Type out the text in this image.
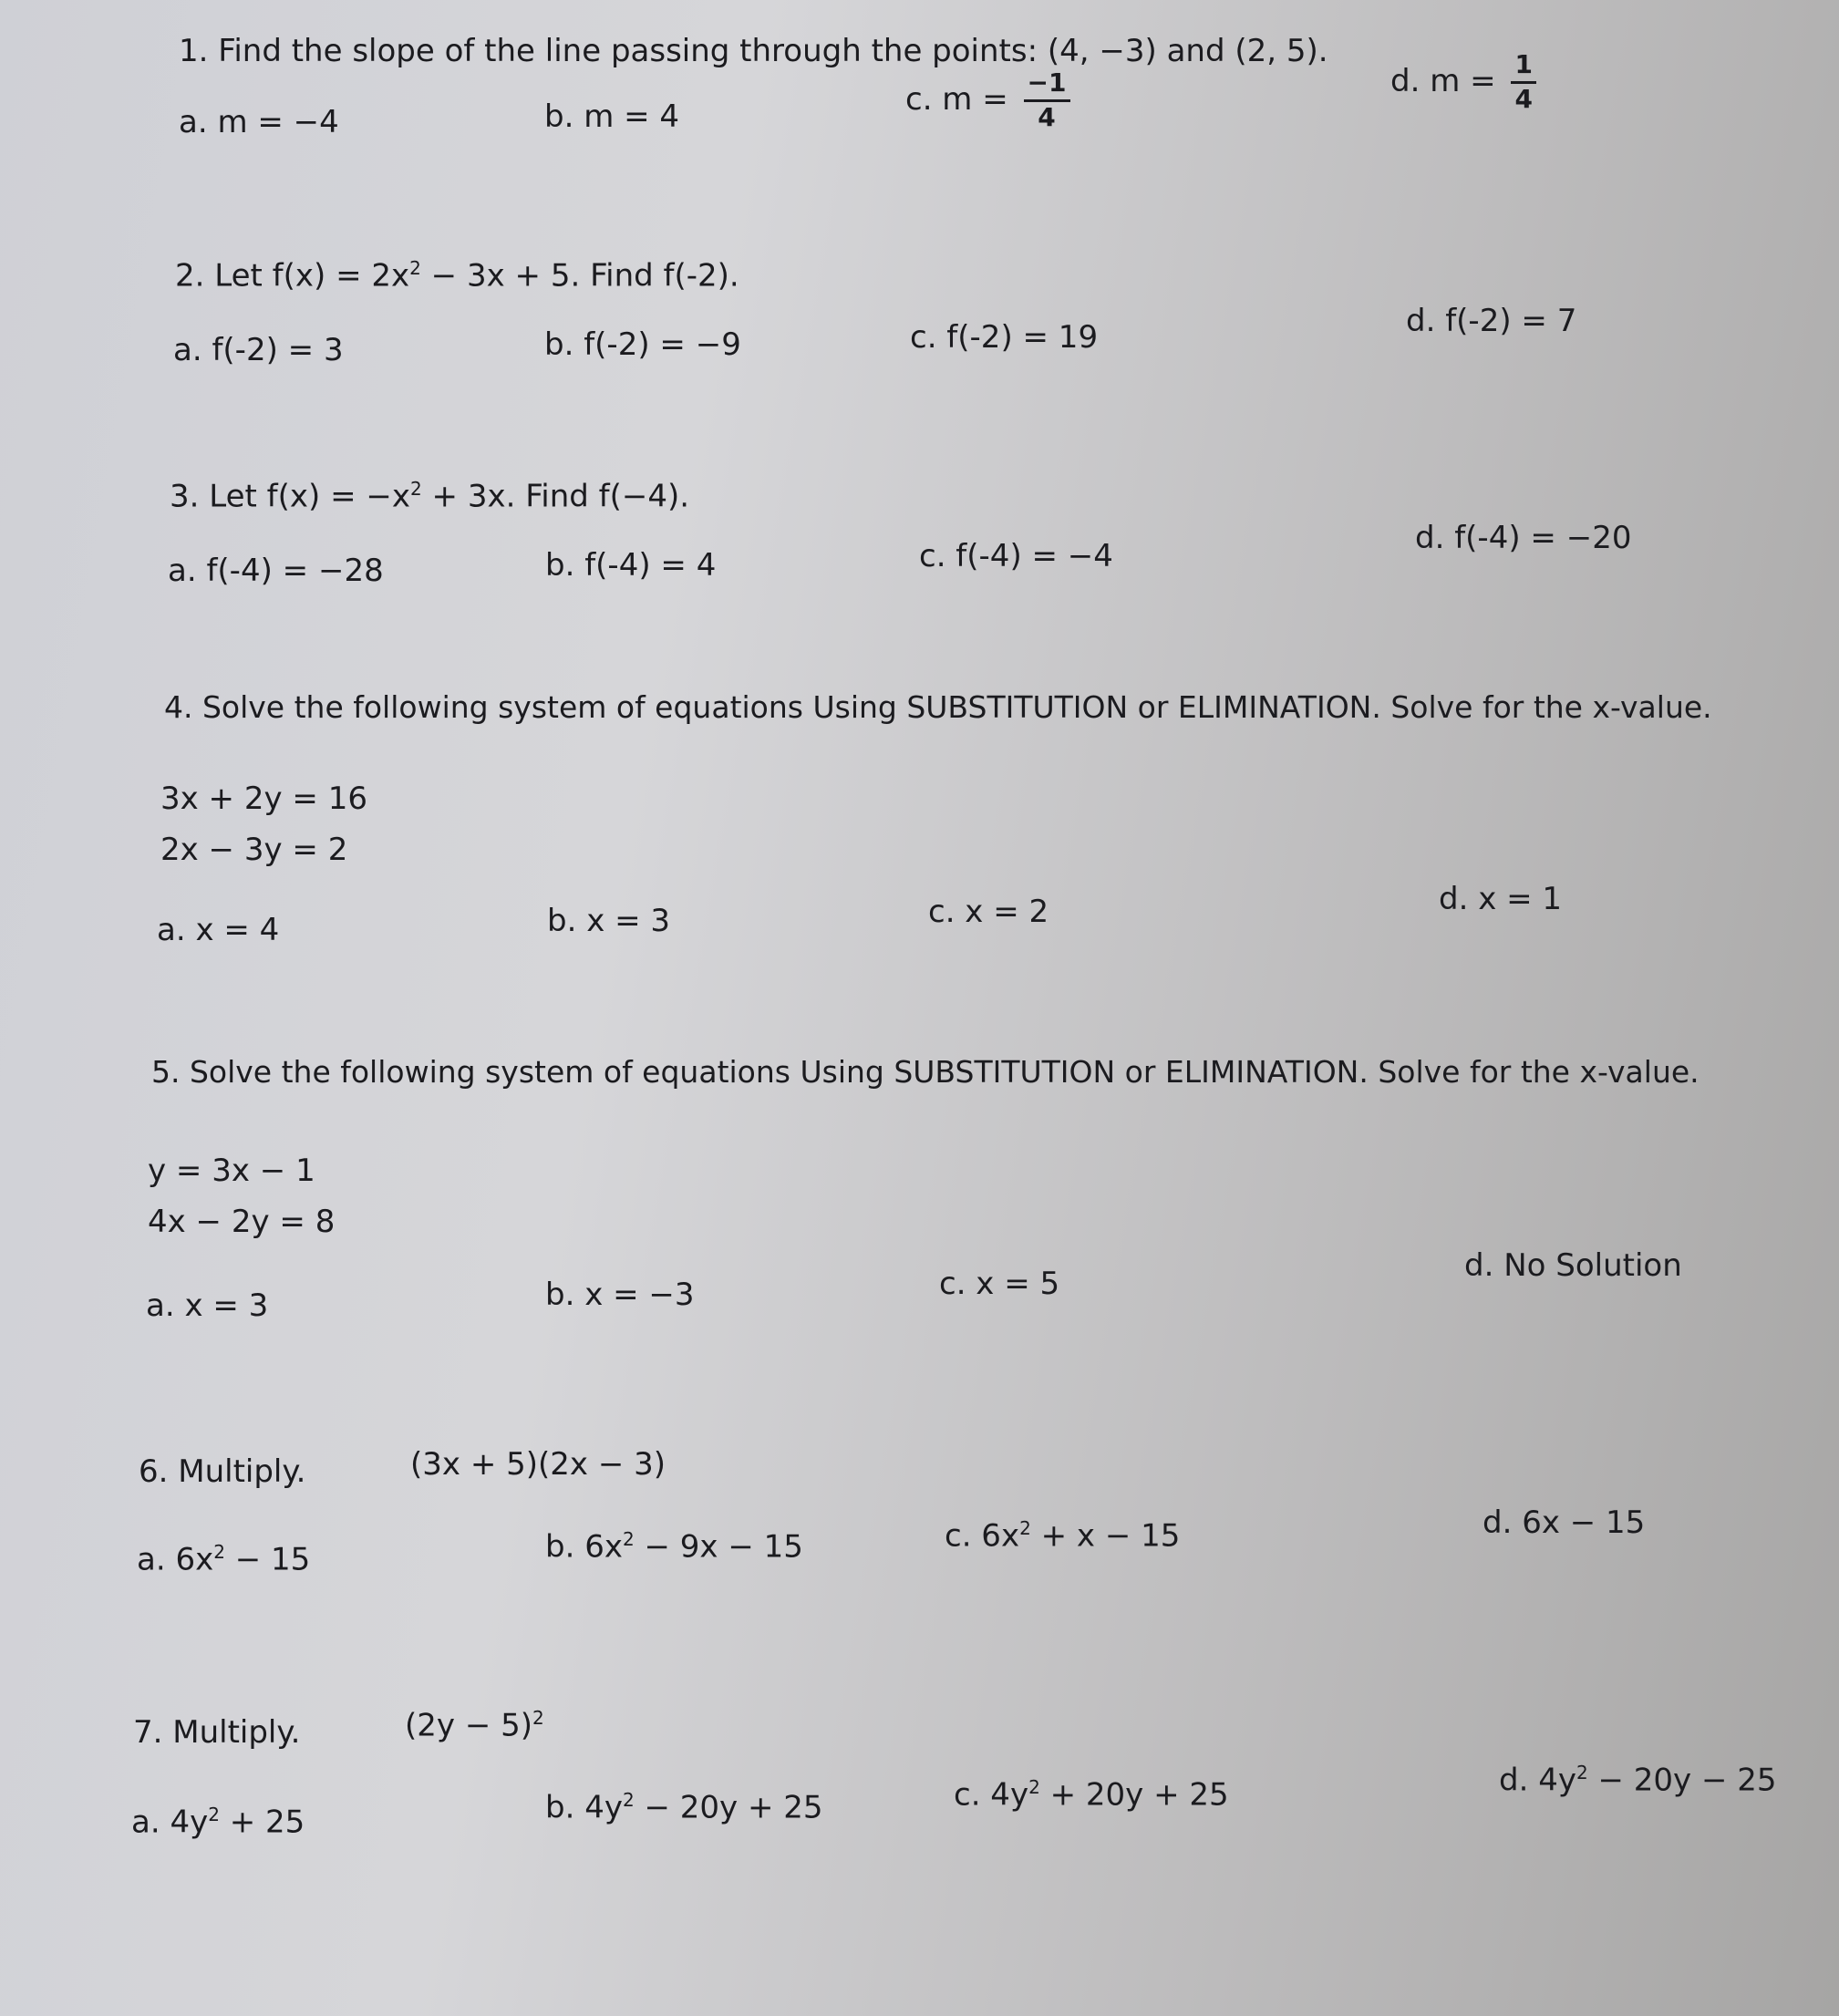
1. Find the slope of the line passing through the points: (4, −3) and (2, 5).
a. m = −4	b. m = 4	c. $m = \frac{-1}{4}$	d. $m = \frac{1}{4}$
2. Let $f(x) = 2x^2 - 3x + 5$. Find f(-2).
a. f(-2) = 3	b. f(-2) = −9	c. f(-2) = 19	d. f(-2) = 7
3. Let $f(x) = -x^2 + 3x$. Find f(−4).
a. f(-4) = −28	b. f(-4) = 4	c. f(-4) = −4	d. f(-4) = −20
4. Solve the following system of equations Using SUBSTITUTION or ELIMINATION. Solve for the x-value.
3x + 2y = 16
2x − 3y = 2
a. x = 4	b. x = 3	c. x = 2	d. x = 1
5. Solve the following system of equations Using SUBSTITUTION or ELIMINATION. Solve for the x-value.
y = 3x − 1
4x − 2y = 8
a. x = 3	b. x = −3	c. x = 5	d. No Solution
6. Multiply.	(3x + 5)(2x − 3)
a. $6x^2 - 15$	b. $6x^2 - 9x - 15$	c. $6x^2 + x - 15$	d. 6x − 15
7. Multiply.	$(2y - 5)^2$
a. $4y^2 + 25$	b. $4y^2 - 20y + 25$	c. $4y^2 + 20y + 25$	d. $4y^2 - 20y - 25$
